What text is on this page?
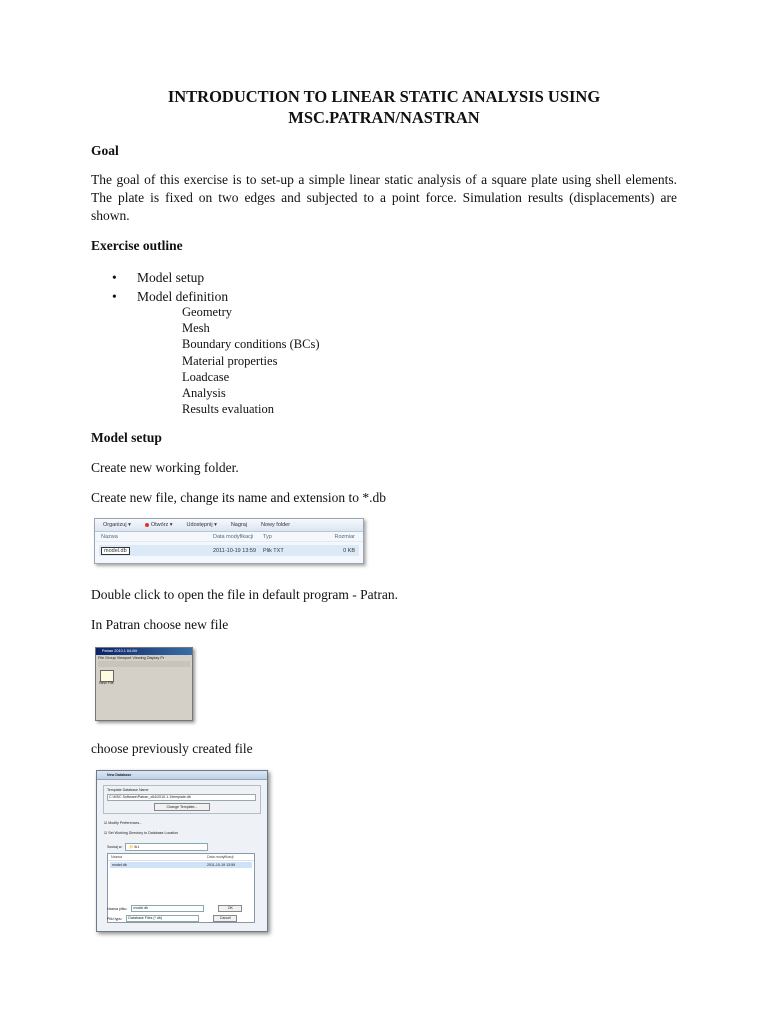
INTRODUCTION TO LINEAR STATIC ANALYSIS USING MSC.PATRAN/NASTRAN
Goal
The goal of this exercise is to set-up a simple linear static analysis of a square plate using shell elements. The plate is fixed on two edges and subjected to a point force. Simulation results (displacements) are shown.
Exercise outline
•	Model setup
•	Model definition
Geometry
Mesh
Boundary conditions (BCs)
Material properties
Loadcase
Analysis
Results evaluation
Model setup
Create new working folder.
Create new file, change its name and extension to *.db
Organizuj ▾	Otwórz ▾	Udostępnij ▾	Nagraj	Nowy folder
Nazwa	Data modyfikacji	Typ	Rozmiar
model.db	2011-10-19 13:59	Plik TXT	0 KB
Double click to open the file in default program - Patran.
In Patran choose new file
Patran 2010.1 64-Bit
File Group Viewport Viewing Display Pr
New File
choose previously created file
New Database
Template Database Name
C:\MSC.Software\Patran_x64\2010.1.1\template.db
Change Template...
☑ Modify Preferences...
☑ Set Working Directory to Database Location
Szukaj w:	📁 lb1
Nazwa	Data modyfikacji
model.db	2011-10-19 13:59
Nazwa pliku:	model.db	OK
Pliki typu:	Database Files (*.db)	Cancel
